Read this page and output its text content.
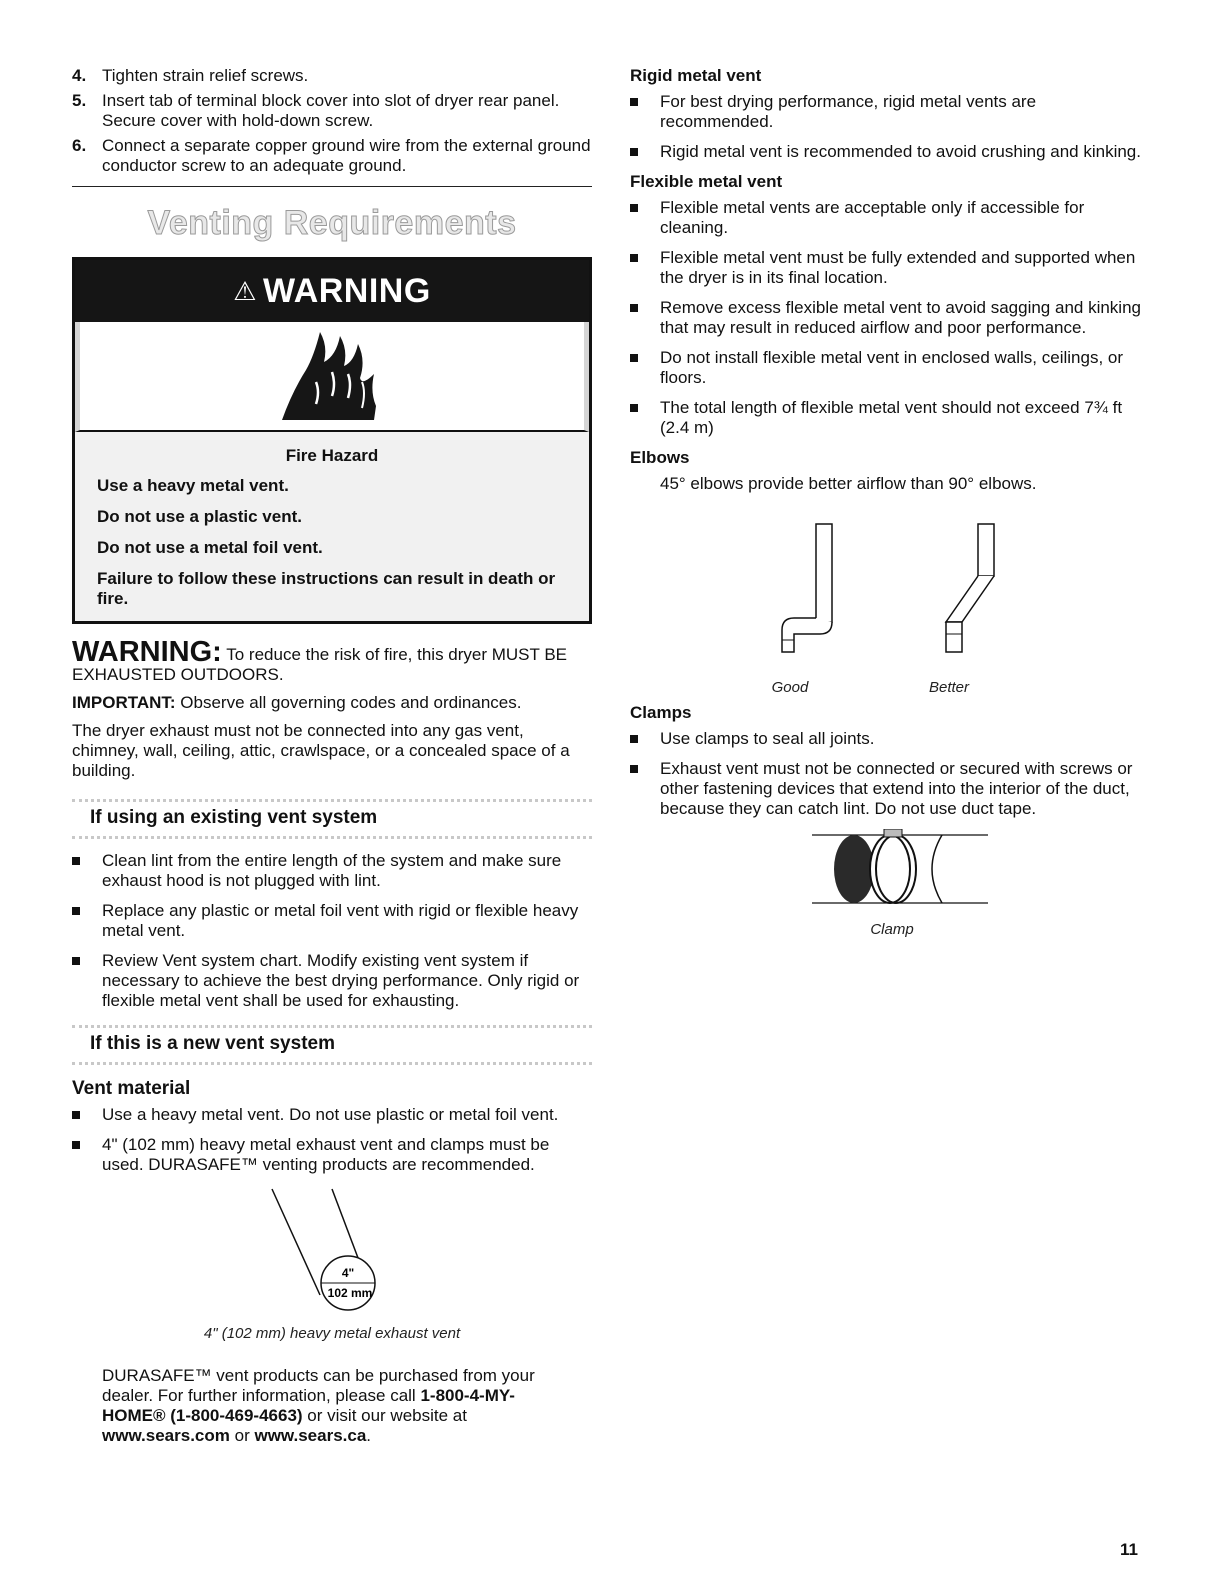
4. Tighten strain relief screws.
5. Insert tab of terminal block cover into slot of dryer rear panel. Secure cover with hold-down screw.
6. Connect a separate copper ground wire from the external ground conductor screw to an adequate ground.
Venting Requirements
⚠ WARNING
Fire Hazard

Use a heavy metal vent.

Do not use a plastic vent.

Do not use a metal foil vent.

Failure to follow these instructions can result in death or fire.

WARNING: To reduce the risk of fire, this dryer MUST BE EXHAUSTED OUTDOORS.

IMPORTANT: Observe all governing codes and ordinances.

The dryer exhaust must not be connected into any gas vent, chimney, wall, ceiling, attic, crawlspace, or a concealed space of a building.

If using an existing vent system
Clean lint from the entire length of the system and make sure exhaust hood is not plugged with lint.
Replace any plastic or metal foil vent with rigid or flexible heavy metal vent.
Review Vent system chart. Modify existing vent system if necessary to achieve the best drying performance. Only rigid or flexible metal vent shall be used for exhausting.
If this is a new vent system
Vent material
Use a heavy metal vent. Do not use plastic or metal foil vent.
4" (102 mm) heavy metal exhaust vent and clamps must be used. DURASAFE™ venting products are recommended.
4"
102 mm
4" (102 mm) heavy metal exhaust vent

DURASAFE™ vent products can be purchased from your dealer. For further information, please call 1-800-4-MY-HOME® (1-800-469-4663) or visit our website at www.sears.com or www.sears.ca.

Rigid metal vent
For best drying performance, rigid metal vents are recommended.
Rigid metal vent is recommended to avoid crushing and kinking.
Flexible metal vent
Flexible metal vents are acceptable only if accessible for cleaning.
Flexible metal vent must be fully extended and supported when the dryer is in its final location.
Remove excess flexible metal vent to avoid sagging and kinking that may result in reduced airflow and poor performance.
Do not install flexible metal vent in enclosed walls, ceilings, or floors.
The total length of flexible metal vent should not exceed 7¾ ft (2.4 m)
Elbows

45° elbows provide better airflow than 90° elbows.

Good	Better
Clamps
Use clamps to seal all joints.
Exhaust vent must not be connected or secured with screws or other fastening devices that extend into the interior of the duct, because they can catch lint. Do not use duct tape.
Clamp
11
